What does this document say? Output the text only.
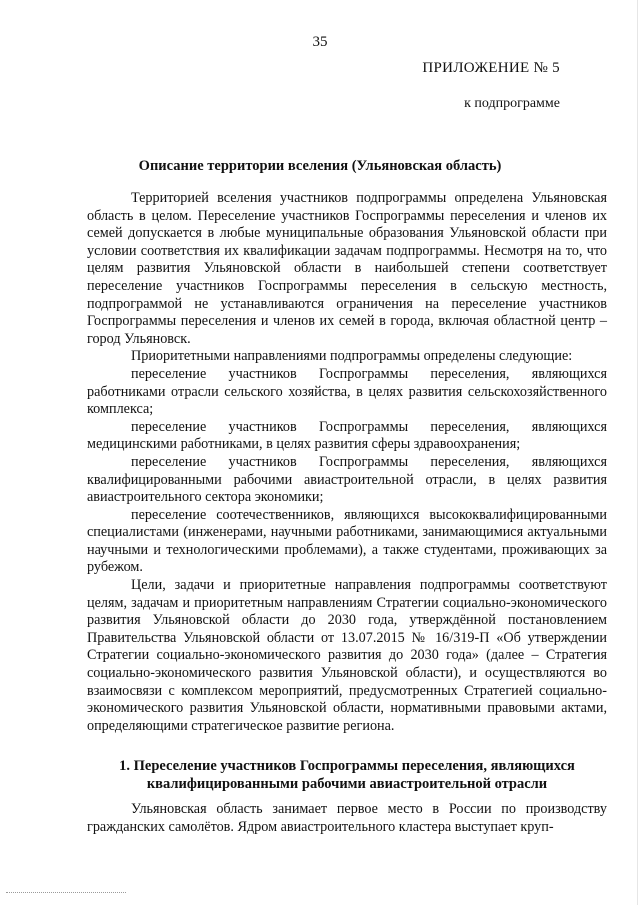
35
ПРИЛОЖЕНИЕ № 5
к подпрограмме
Описание территории вселения (Ульяновская область)

Территорией вселения участников подпрограммы определена Ульяновская область в целом. Переселение участников Госпрограммы переселения и членов их семей допускается в любые муниципальные образования Ульяновской области при условии соответствия их квалификации задачам подпрограммы. Несмотря на то, что целям развития Ульяновской области в наибольшей степени соответствует переселение участников Госпрограммы переселения в сельскую местность, подпрограммой не устанавливаются ограничения на переселение участников Госпрограммы переселения и членов их семей в города, включая областной центр – город Ульяновск.

Приоритетными направлениями подпрограммы определены следующие:

переселение участников Госпрограммы переселения, являющихся работниками отрасли сельского хозяйства, в целях развития сельскохозяйственного комплекса;

переселение участников Госпрограммы переселения, являющихся медицинскими работниками, в целях развития сферы здравоохранения;

переселение участников Госпрограммы переселения, являющихся квалифицированными рабочими авиастроительной отрасли, в целях развития авиастроительного сектора экономики;

переселение соотечественников, являющихся высококвалифицированными специалистами (инженерами, научными работниками, занимающимися актуальными научными и технологическими проблемами), а также студентами, проживающих за рубежом.

Цели, задачи и приоритетные направления подпрограммы соответствуют целям, задачам и приоритетным направлениям Стратегии социально-экономического развития Ульяновской области до 2030 года, утверждённой постановлением Правительства Ульяновской области от 13.07.2015 № 16/319-П «Об утверждении Стратегии социально-экономического развития до 2030 года» (далее – Стратегия социально-экономического развития Ульяновской области), и осуществляются во взаимосвязи с комплексом мероприятий, предусмотренных Стратегией социально-экономического развития Ульяновской области, нормативными правовыми актами, определяющими стратегическое развитие региона.

1. Переселение участников Госпрограммы переселения, являющихся квалифицированными рабочими авиастроительной отрасли

Ульяновская область занимает первое место в России по производству гражданских самолётов. Ядром авиастроительного кластера выступает круп-
